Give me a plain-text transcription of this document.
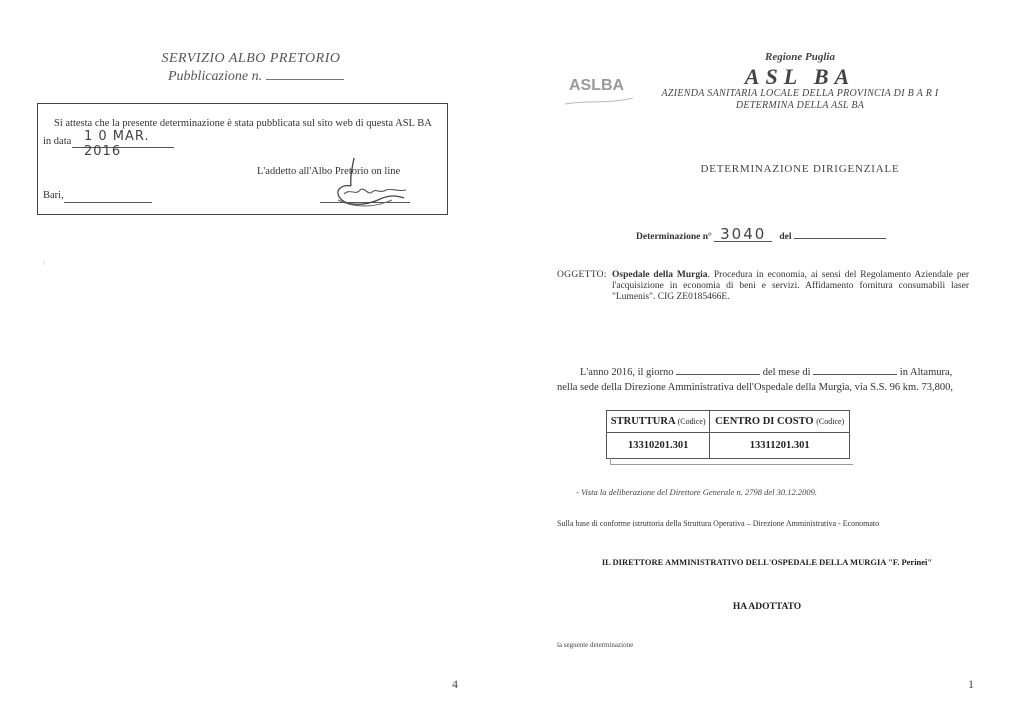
SERVIZIO ALBO PRETORIO
Pubblicazione n.
Si attesta che la presente determinazione è stata pubblicata sul sito web di questa ASL BA
in data 1 0 MAR. 2016
L'addetto all'Albo Pretorio on line
Bari,
4
ASLBA
Regione Puglia
ASL BA
AZIENDA SANITARIA LOCALE DELLA PROVINCIA DI B A R I
DETERMINA DELLA ASL BA
DETERMINAZIONE DIRIGENZIALE
Determinazione n° 3040 del
OGGETTO: Ospedale della Murgia. Procedura in economia, ai sensi del Regolamento Aziendale per l'acquisizione in economia di beni e servizi. Affidamento fornitura consumabili laser "Lumenis". CIG ZE0185466E.
L'anno 2016, il giorno	del mese di	in Altamura,
nella sede della Direzione Amministrativa dell'Ospedale della Murgia, via S.S. 96 km. 73,800,
STRUTTURA (Codice)	CENTRO DI COSTO (Codice)
13310201.301	13311201.301
- Vista la deliberazione del Direttore Generale n. 2798 del 30.12.2009.
Sulla base di conforme istruttoria della Struttura Operativa – Direzione Amministrativa - Economato
IL DIRETTORE AMMINISTRATIVO DELL'OSPEDALE DELLA MURGIA "F. Perinei"
HA ADOTTATO
la seguente determinazione
1
